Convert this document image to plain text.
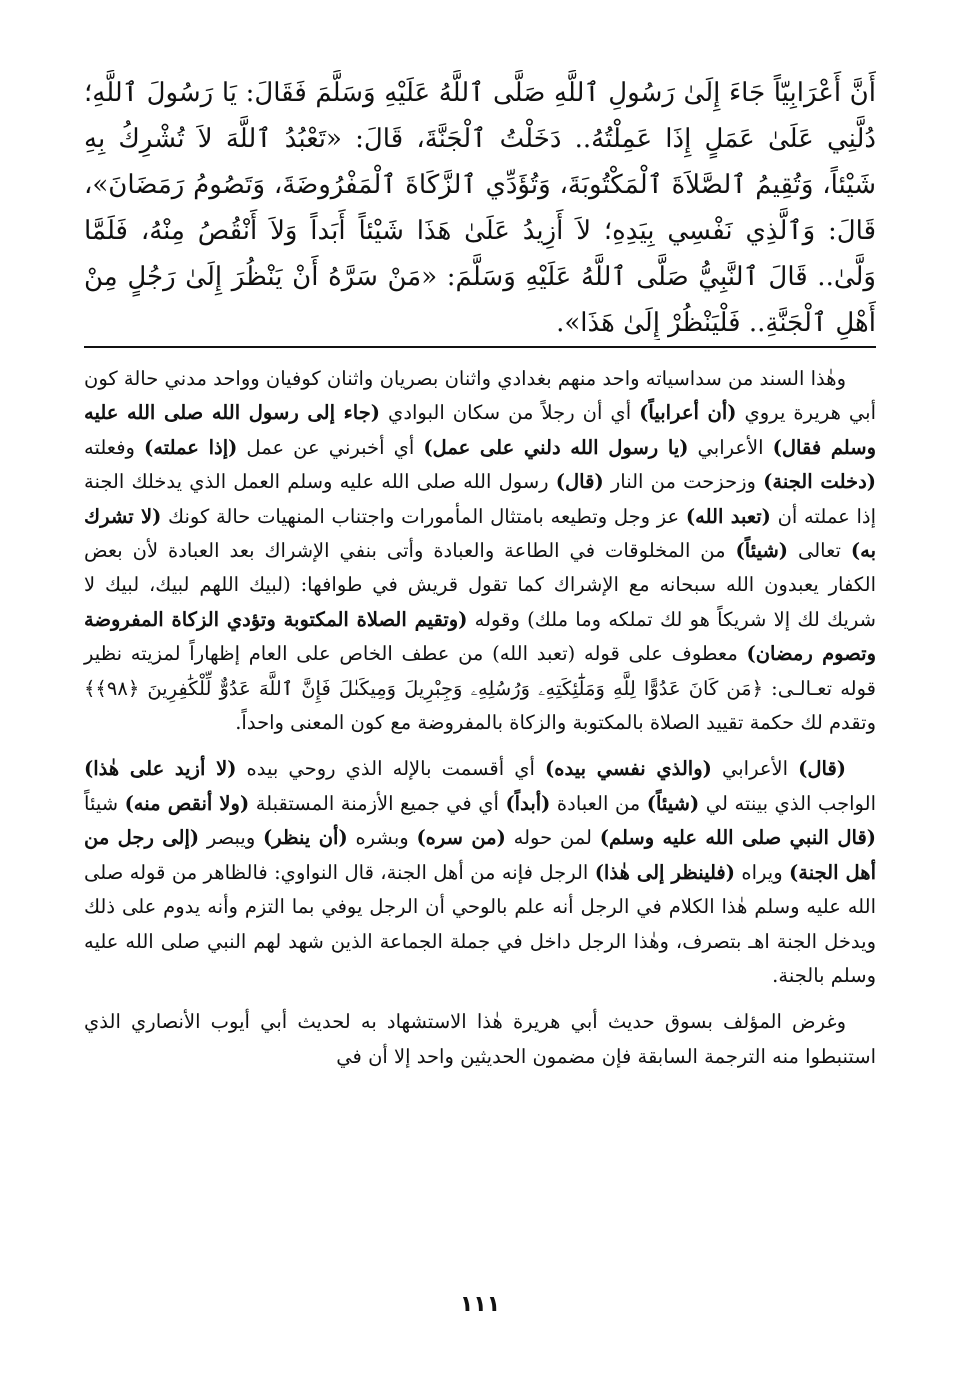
أَنَّ أَعْرَابِيّاً جَاءَ إِلَىٰ رَسُولِ ٱللَّهِ صَلَّى ٱللَّهُ عَلَيْهِ وَسَلَّمَ فَقَالَ: يَا رَسُولَ ٱللَّهِ؛ دُلَّنِي عَلَىٰ عَمَلٍ إِذَا عَمِلْتُهُ.. دَخَلْتُ ٱلْجَنَّةَ، قَالَ: «تَعْبُدُ ٱللَّهَ لاَ تُشْرِكُ بِهِ شَيْئاً، وَتُقِيمُ ٱلصَّلاَةَ ٱلْمَكْتُوبَةَ، وَتُؤَدِّي ٱلزَّكَاةَ ٱلْمَفْرُوضَةَ، وَتَصُومُ رَمَضَانَ»، قَالَ: وَٱلَّذِي نَفْسِي بِيَدِهِ؛ لاَ أَزِيدُ عَلَىٰ هَذَا شَيْئاً أَبَداً وَلاَ أَنْقُصُ مِنْهُ، فَلَمَّا وَلَّىٰ.. قَالَ ٱلنَّبِيُّ صَلَّى ٱللَّهُ عَلَيْهِ وَسَلَّمَ: «مَنْ سَرَّهُ أَنْ يَنْظُرَ إِلَىٰ رَجُلٍ مِنْ أَهْلِ ٱلْجَنَّةِ.. فَلْيَنْظُرْ إِلَىٰ هَذَا».

وهٰذا السند من سداسياته واحد منهم بغدادي واثنان بصريان واثنان كوفيان وواحد مدني حالة كون أبي هريرة يروي (أن أعرابياً) أي أن رجلاً من سكان البوادي (جاء إلى رسول الله صلى الله عليه وسلم فقال) الأعرابي (يا رسول الله دلني على عمل) أي أخبرني عن عمل (إذا عملته) وفعلته (دخلت الجنة) وزحزحت من النار (قال) رسول الله صلى الله عليه وسلم العمل الذي يدخلك الجنة إذا عملته أن (تعبد الله) عز وجل وتطيعه بامتثال المأمورات واجتناب المنهيات حالة كونك (لا تشرك به) تعالى (شيئاً) من المخلوقات في الطاعة والعبادة وأتى بنفي الإشراك بعد العبادة لأن بعض الكفار يعبدون الله سبحانه مع الإشراك كما تقول قريش في طوافها: (لبيك اللهم لبيك، لبيك لا شريك لك إلا شريكاً هو لك تملكه وما ملك) وقوله (وتقيم الصلاة المكتوبة وتؤدي الزكاة المفروضة وتصوم رمضان) معطوف على قوله (تعبد الله) من عطف الخاص على العام إظهاراً لمزيته نظير قوله تعـالـى: ﴿مَن كَانَ عَدُوًّا لِلَّهِ وَمَلَٰٓئِكَتِهِۦ وَرُسُلِهِۦ وَجِبْرِيلَ وَمِيكَىٰلَ فَإِنَّ ٱللَّهَ عَدُوٌّ لِّلْكَٰفِرِينَ ﴿٩٨﴾﴾ وتقدم لك حكمة تقييد الصلاة بالمكتوبة والزكاة بالمفروضة مع كون المعنى واحداً.

(قال) الأعرابي (والذي نفسي بيده) أي أقسمت بالإله الذي روحي بيده (لا أزيد على هٰذا) الواجب الذي بينته لي (شيئاً) من العبادة (أبداً) أي في جميع الأزمنة المستقبلة (ولا أنقص منه) شيئاً (قال النبي صلى الله عليه وسلم) لمن حوله (من سره) وبشره (أن ينظر) ويبصر (إلى رجل من أهل الجنة) ويراه (فلينظر إلى هٰذا) الرجل فإنه من أهل الجنة، قال النواوي: فالظاهر من قوله صلى الله عليه وسلم هٰذا الكلام في الرجل أنه علم بالوحي أن الرجل يوفي بما التزم وأنه يدوم على ذلك ويدخل الجنة اهـ بتصرف، وهٰذا الرجل داخل في جملة الجماعة الذين شهد لهم النبي صلى الله عليه وسلم بالجنة.

وغرض المؤلف بسوق حديث أبي هريرة هٰذا الاستشهاد به لحديث أبي أيوب الأنصاري الذي استنبطوا منه الترجمة السابقة فإن مضمون الحديثين واحد إلا أن في

١١١
